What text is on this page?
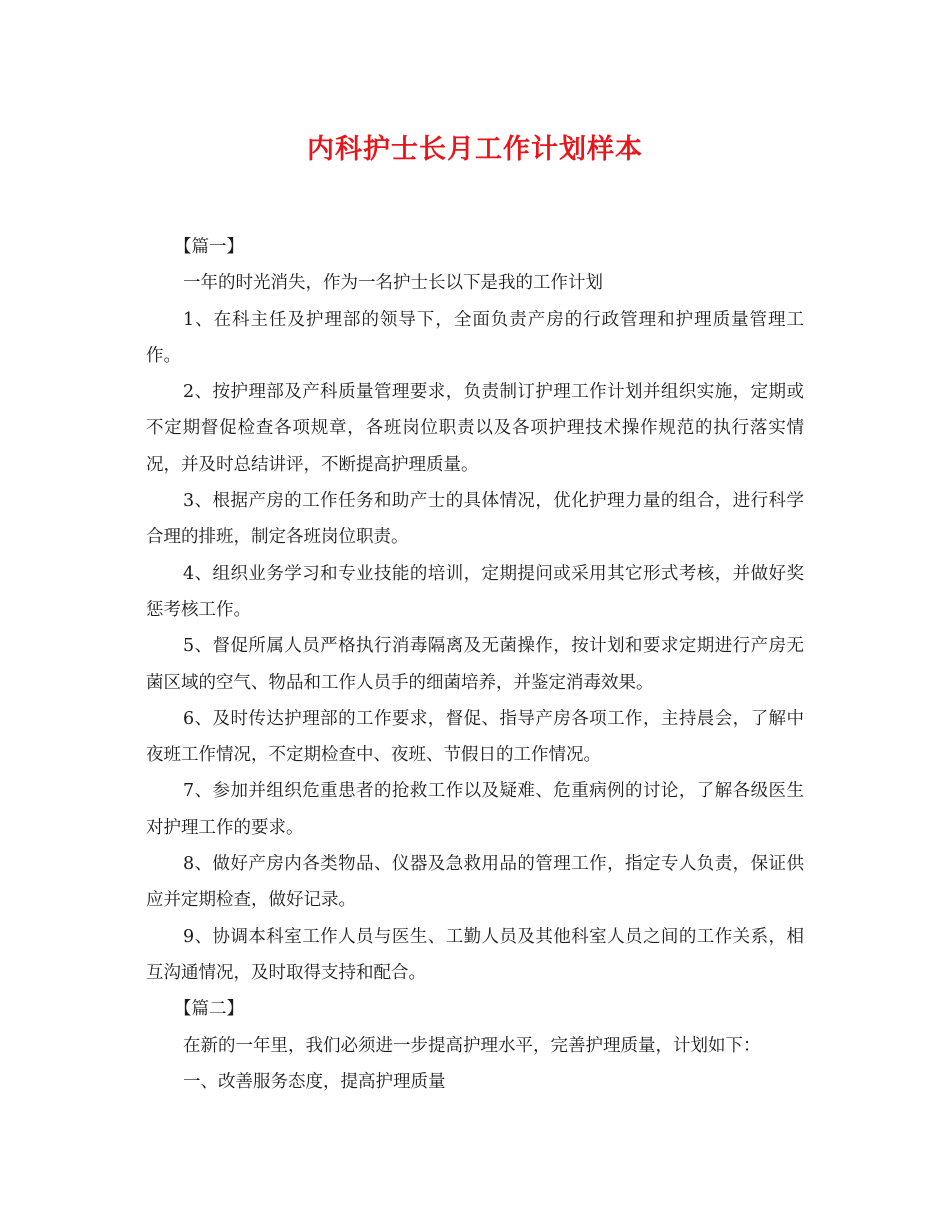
内科护士长月工作计划样本

【篇一】

一年的时光消失，作为一名护士长以下是我的工作计划

1、在科主任及护理部的领导下，全面负责产房的行政管理和护理质量管理工作。

2、按护理部及产科质量管理要求，负责制订护理工作计划并组织实施，定期或不定期督促检查各项规章，各班岗位职责以及各项护理技术操作规范的执行落实情况，并及时总结讲评，不断提高护理质量。

3、根据产房的工作任务和助产士的具体情况，优化护理力量的组合，进行科学合理的排班，制定各班岗位职责。

4、组织业务学习和专业技能的培训，定期提问或采用其它形式考核，并做好奖惩考核工作。

5、督促所属人员严格执行消毒隔离及无菌操作，按计划和要求定期进行产房无菌区域的空气、物品和工作人员手的细菌培养，并鉴定消毒效果。

6、及时传达护理部的工作要求，督促、指导产房各项工作，主持晨会，了解中夜班工作情况，不定期检查中、夜班、节假日的工作情况。

7、参加并组织危重患者的抢救工作以及疑难、危重病例的讨论，了解各级医生对护理工作的要求。

8、做好产房内各类物品、仪器及急救用品的管理工作，指定专人负责，保证供应并定期检查，做好记录。

9、协调本科室工作人员与医生、工勤人员及其他科室人员之间的工作关系，相互沟通情况，及时取得支持和配合。

【篇二】

在新的一年里，我们必须进一步提高护理水平，完善护理质量，计划如下：

一、改善服务态度，提高护理质量
